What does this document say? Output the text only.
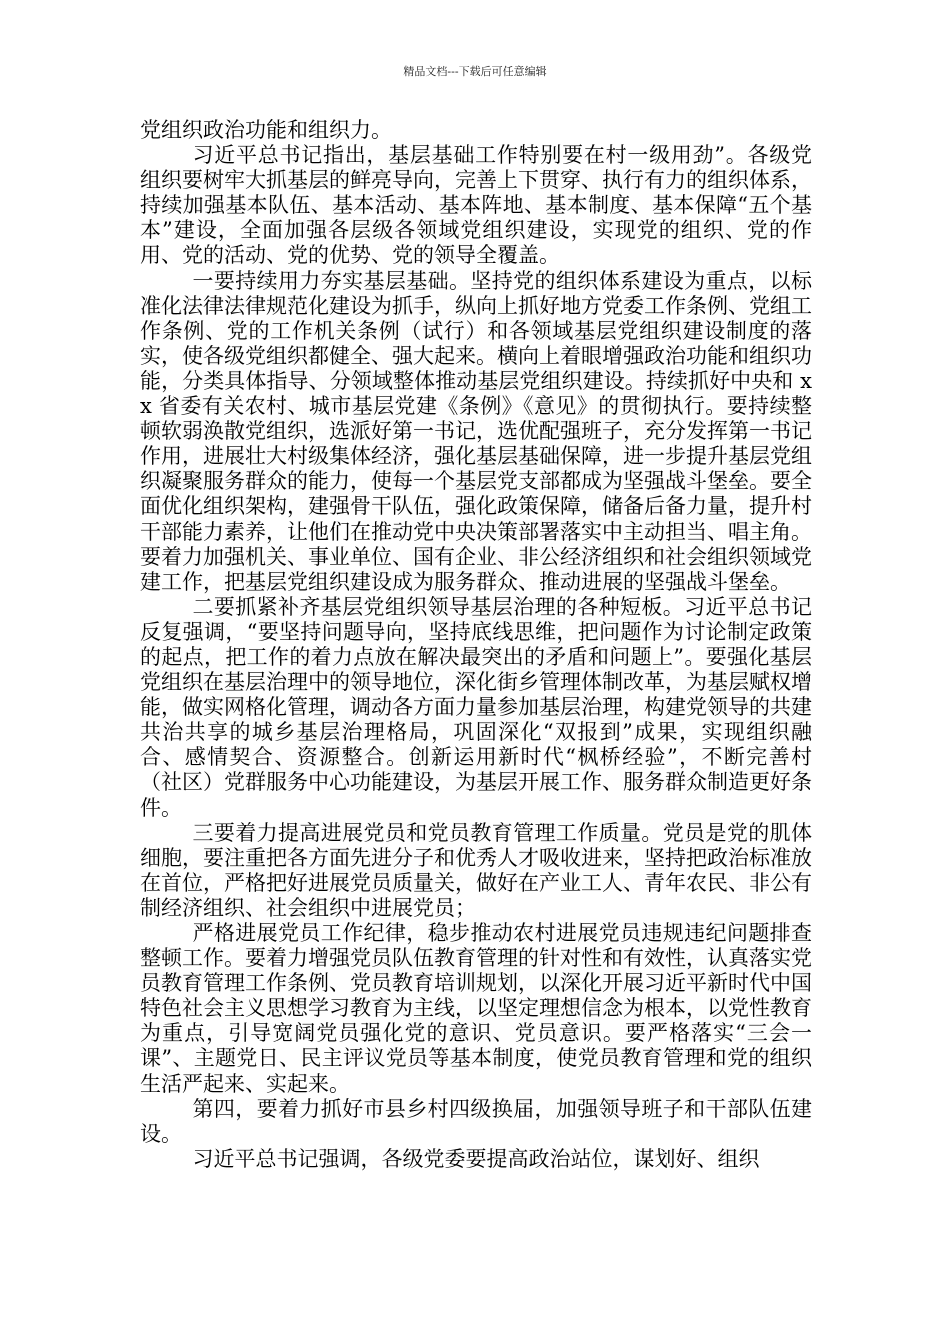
精品文档---下载后可任意编辑

党组织政治功能和组织力。

习近平总书记指出，基层基础工作特别要在村一级用劲”。各级党组织要树牢大抓基层的鲜亮导向，完善上下贯穿、执行有力的组织体系，持续加强基本队伍、基本活动、基本阵地、基本制度、基本保障“五个基本”建设，全面加强各层级各领域党组织建设，实现党的组织、党的作用、党的活动、党的优势、党的领导全覆盖。

一要持续用力夯实基层基础。坚持党的组织体系建设为重点，以标准化法律法律规范化建设为抓手，纵向上抓好地方党委工作条例、党组工作条例、党的工作机关条例（试行）和各领域基层党组织建设制度的落实，使各级党组织都健全、强大起来。横向上着眼增强政治功能和组织功能，分类具体指导、分领域整体推动基层党组织建设。持续抓好中央和 xx 省委有关农村、城市基层党建《条例》《意见》的贯彻执行。要持续整顿软弱涣散党组织，选派好第一书记，选优配强班子，充分发挥第一书记作用，进展壮大村级集体经济，强化基层基础保障，进一步提升基层党组织凝聚服务群众的能力，使每一个基层党支部都成为坚强战斗堡垒。要全面优化组织架构，建强骨干队伍，强化政策保障，储备后备力量，提升村干部能力素养，让他们在推动党中央决策部署落实中主动担当、唱主角。要着力加强机关、事业单位、国有企业、非公经济组织和社会组织领域党建工作，把基层党组织建设成为服务群众、推动进展的坚强战斗堡垒。

二要抓紧补齐基层党组织领导基层治理的各种短板。习近平总书记反复强调，“要坚持问题导向，坚持底线思维，把问题作为讨论制定政策的起点，把工作的着力点放在解决最突出的矛盾和问题上”。要强化基层党组织在基层治理中的领导地位，深化街乡管理体制改革，为基层赋权增能，做实网格化管理，调动各方面力量参加基层治理，构建党领导的共建共治共享的城乡基层治理格局，巩固深化“双报到”成果，实现组织融合、感情契合、资源整合。创新运用新时代“枫桥经验”，不断完善村（社区）党群服务中心功能建设，为基层开展工作、服务群众制造更好条件。

三要着力提高进展党员和党员教育管理工作质量。党员是党的肌体细胞，要注重把各方面先进分子和优秀人才吸收进来，坚持把政治标准放在首位，严格把好进展党员质量关，做好在产业工人、青年农民、非公有制经济组织、社会组织中进展党员；

严格进展党员工作纪律，稳步推动农村进展党员违规违纪问题排查整顿工作。要着力增强党员队伍教育管理的针对性和有效性，认真落实党员教育管理工作条例、党员教育培训规划，以深化开展习近平新时代中国特色社会主义思想学习教育为主线，以坚定理想信念为根本，以党性教育为重点，引导宽阔党员强化党的意识、党员意识。要严格落实“三会一课”、主题党日、民主评议党员等基本制度，使党员教育管理和党的组织生活严起来、实起来。

第四，要着力抓好市县乡村四级换届，加强领导班子和干部队伍建设。

习近平总书记强调，各级党委要提高政治站位，谋划好、组织
